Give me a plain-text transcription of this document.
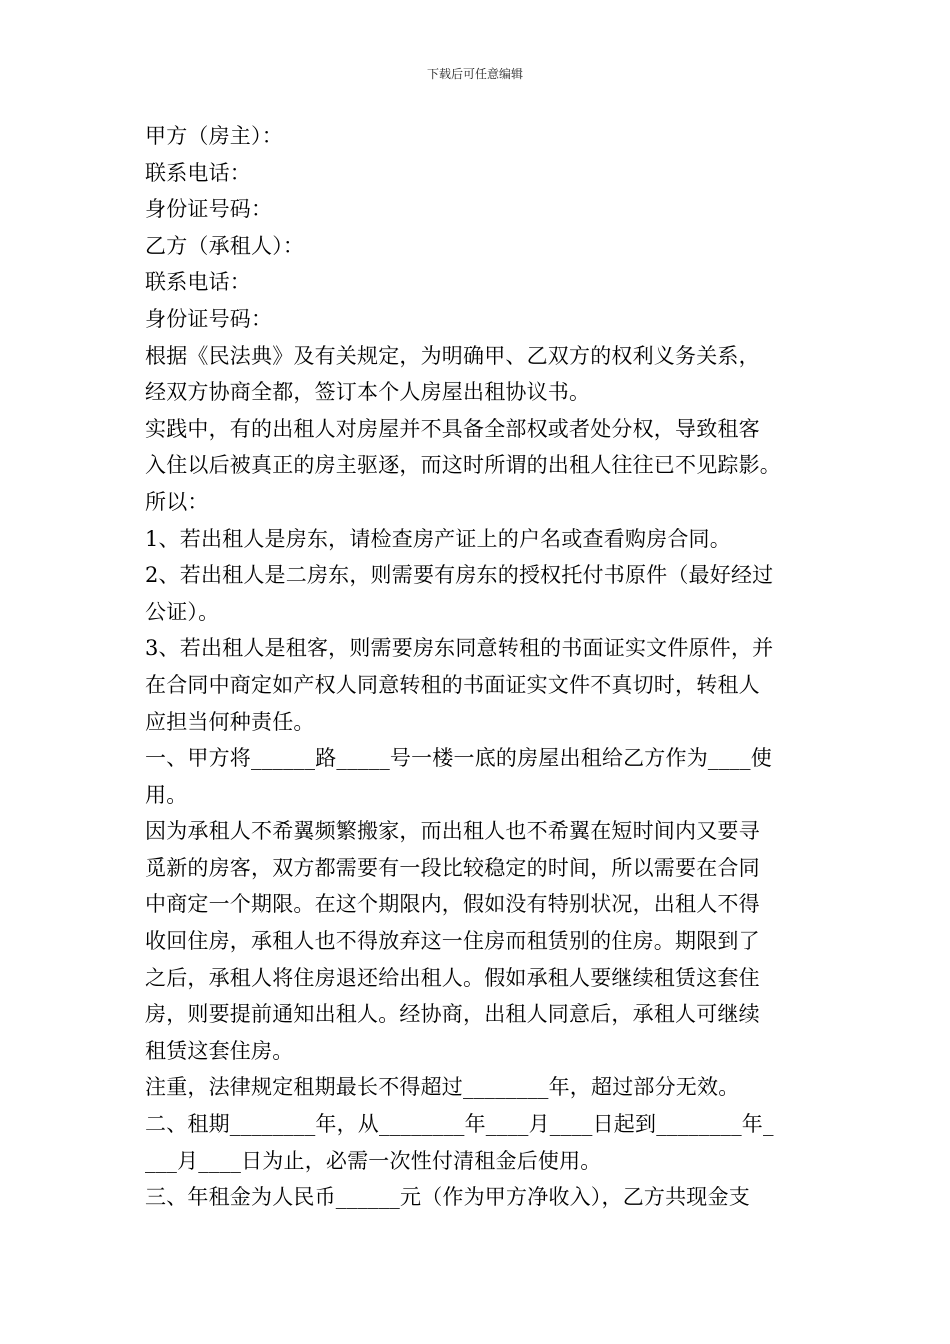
下载后可任意编辑
甲方（房主）：
联系电话：
身份证号码：
乙方（承租人）：
联系电话：
身份证号码：
根据《民法典》及有关规定，为明确甲、乙双方的权利义务关系，
经双方协商全都，签订本个人房屋出租协议书。
实践中，有的出租人对房屋并不具备全部权或者处分权，导致租客
入住以后被真正的房主驱逐，而这时所谓的出租人往往已不见踪影。
所以：
1、若出租人是房东，请检查房产证上的户名或查看购房合同。
2、若出租人是二房东，则需要有房东的授权托付书原件（最好经过
公证）。
3、若出租人是租客，则需要房东同意转租的书面证实文件原件，并
在合同中商定如产权人同意转租的书面证实文件不真切时，转租人
应担当何种责任。
一、甲方将______路_____号一楼一底的房屋出租给乙方作为____使
用。
因为承租人不希翼频繁搬家，而出租人也不希翼在短时间内又要寻
觅新的房客，双方都需要有一段比较稳定的时间，所以需要在合同
中商定一个期限。在这个期限内，假如没有特别状况，出租人不得
收回住房，承租人也不得放弃这一住房而租赁别的住房。期限到了
之后，承租人将住房退还给出租人。假如承租人要继续租赁这套住
房，则要提前通知出租人。经协商，出租人同意后，承租人可继续
租赁这套住房。
注重，法律规定租期最长不得超过________年，超过部分无效。
二、租期________年，从________年____月____日起到________年_
___月____日为止，必需一次性付清租金后使用。
三、年租金为人民币______元（作为甲方净收入），乙方共现金支
